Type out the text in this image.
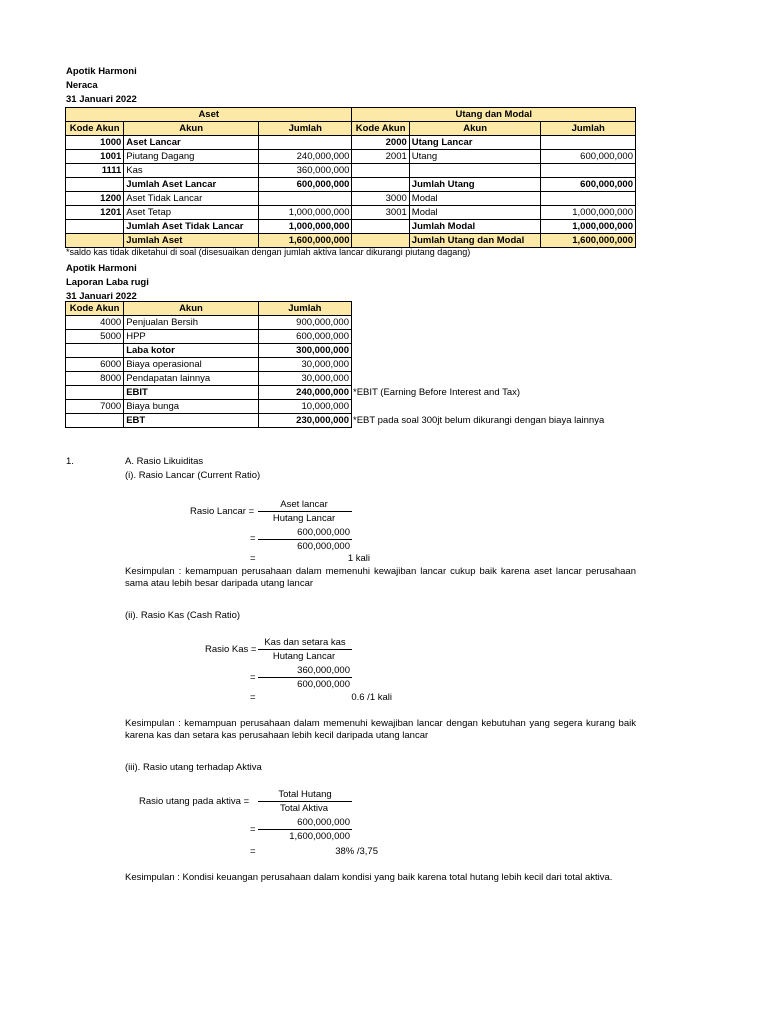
Apotik Harmoni
Neraca
31 Januari 2022
Aset			Utang dan Modal		
Kode Akun	Akun	Jumlah	Kode Akun	Akun	Jumlah
1000	Aset Lancar		2000	Utang Lancar	
1001	Piutang Dagang	240,000,000	2001	Utang	600,000,000
1111	Kas	360,000,000			
	Jumlah Aset Lancar	600,000,000		Jumlah Utang	600,000,000
1200	Aset Tidak Lancar		3000	Modal	
1201	Aset Tetap	1,000,000,000	3001	Modal	1,000,000,000
	Jumlah Aset Tidak Lancar	1,000,000,000		Jumlah Modal	1,000,000,000
	Jumlah Aset	1,600,000,000		Jumlah Utang dan Modal	1,600,000,000
*saldo kas tidak diketahui di soal (disesuaikan dengan jumlah aktiva lancar dikurangi piutang dagang)
Apotik Harmoni
Laporan Laba rugi
31 Januari 2022
Kode Akun	Akun	Jumlah
4000	Penjualan Bersih	900,000,000
5000	HPP	600,000,000
	Laba kotor	300,000,000
6000	Biaya operasional	30,000,000
8000	Pendapatan lainnya	30,000,000
	EBIT	240,000,000
7000	Biaya bunga	10,000,000
	EBT	230,000,000
*EBIT (Earning Before Interest and Tax)
*EBT pada soal 300jt belum dikurangi dengan biaya lainnya
1.	A. Rasio Likuiditas
(i). Rasio Lancar (Current Ratio)
Rasio Lancar =
Aset lancar
Hutang Lancar
=
600,000,000
600,000,000
=	1 kali
Kesimpulan : kemampuan perusahaan dalam memenuhi kewajiban lancar cukup baik karena aset lancar perusahaan sama atau lebih besar daripada utang lancar
(ii). Rasio Kas (Cash Ratio)
Rasio Kas =
Kas dan setara kas
Hutang Lancar
=
360,000,000
600,000,000
=	0.6 /1 kali
Kesimpulan : kemampuan perusahaan dalam memenuhi kewajiban lancar dengan kebutuhan yang segera kurang baik karena kas dan setara kas perusahaan lebih kecil daripada utang lancar
(iii). Rasio utang terhadap Aktiva
Rasio utang pada aktiva =
Total Hutang
Total Aktiva
=
600,000,000
1,600,000,000
=	38% /3,75
Kesimpulan : Kondisi keuangan perusahaan dalam kondisi yang baik karena total hutang lebih kecil dari total aktiva.
